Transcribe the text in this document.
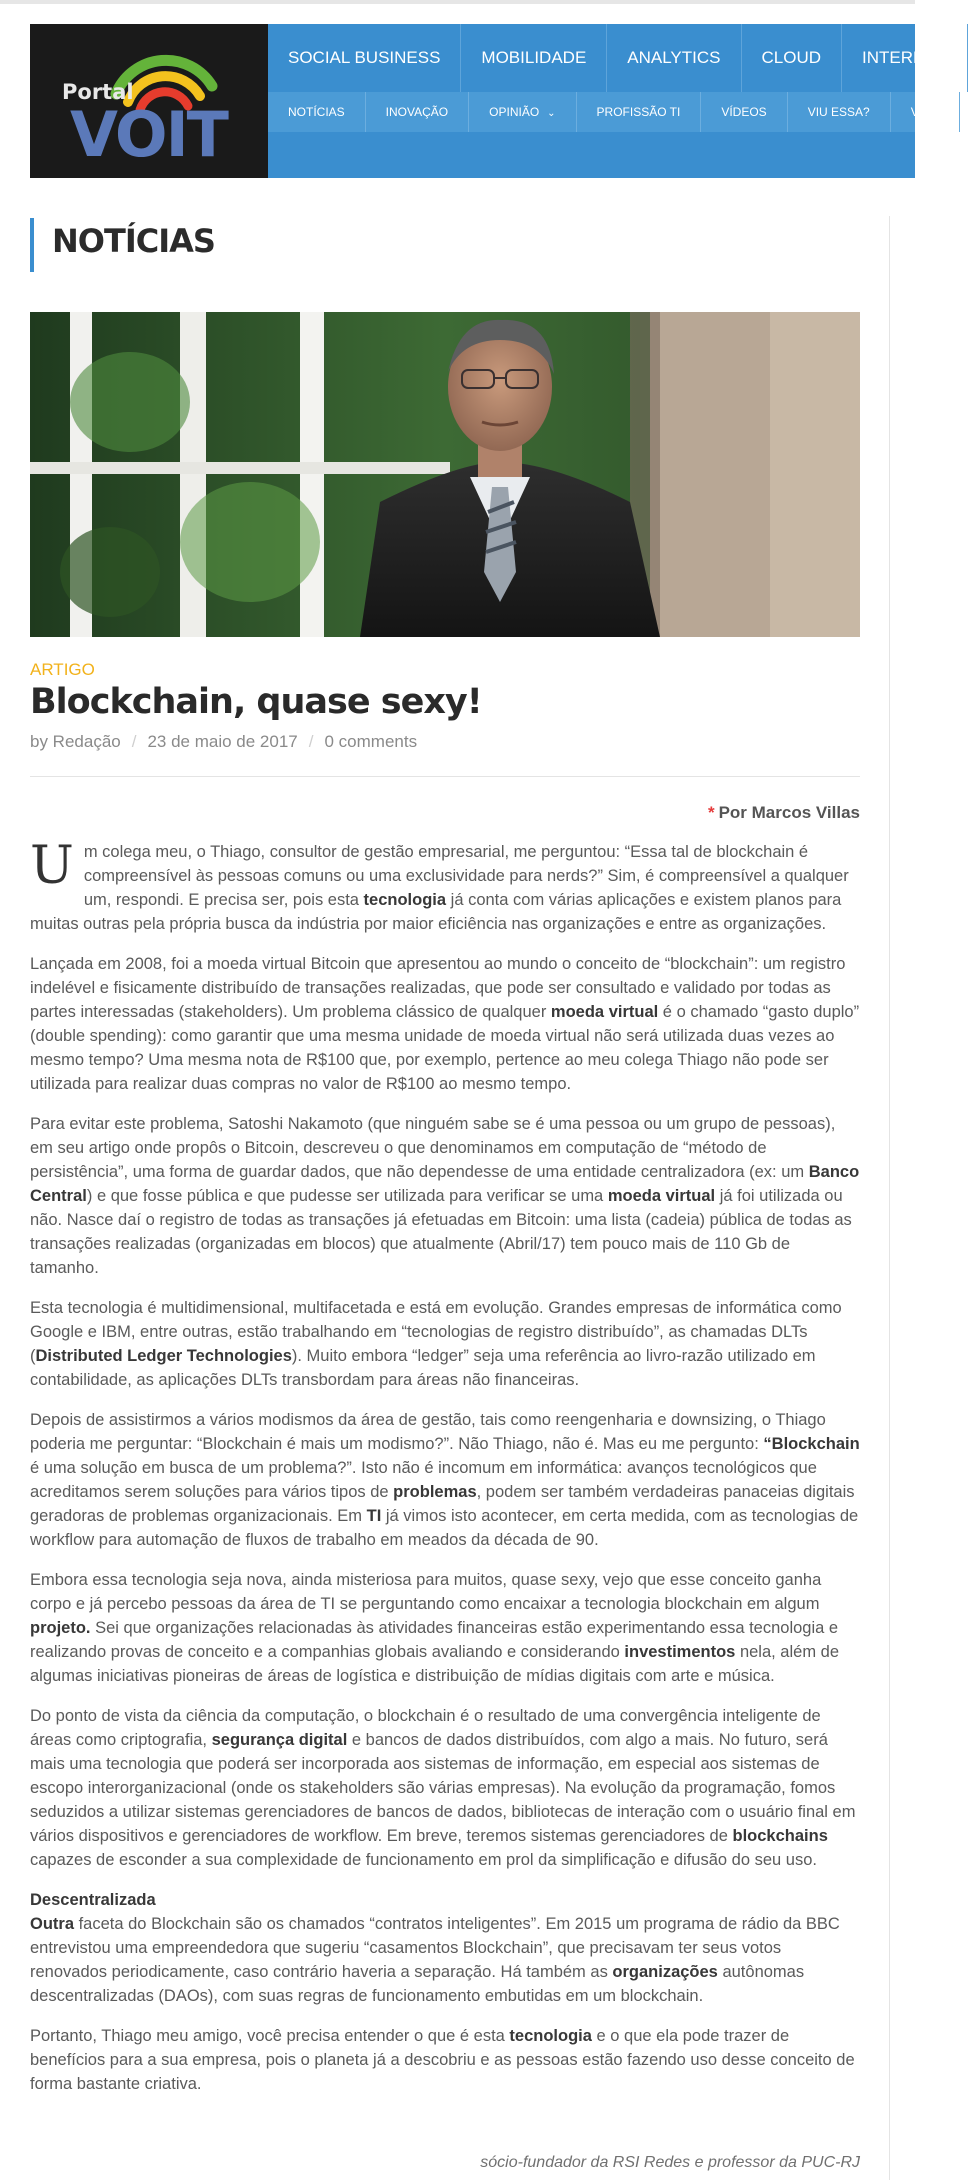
Portal
VOIT
SOCIAL BUSINESS	MOBILIDADE	ANALYTICS	CLOUD	INTERNET
NOTÍCIAS	INOVAÇÃO	OPINIÃO ⌄	PROFISSÃO TI	VÍDEOS	VIU ESSA?	VOIT
NOTÍCIAS
ARTIGO
Blockchain, quase sexy!
by Redação / 23 de maio de 2017 / 0 comments
* Por Marcos Villas

Um colega meu, o Thiago, consultor de gestão empresarial, me perguntou: “Essa tal de blockchain é compreensível às pessoas comuns ou uma exclusividade para nerds?” Sim, é compreensível a qualquer um, respondi. E precisa ser, pois esta tecnologia já conta com várias aplicações e existem planos para muitas outras pela própria busca da indústria por maior eficiência nas organizações e entre as organizações.

Lançada em 2008, foi a moeda virtual Bitcoin que apresentou ao mundo o conceito de “blockchain”: um registro indelével e fisicamente distribuído de transações realizadas, que pode ser consultado e validado por todas as partes interessadas (stakeholders). Um problema clássico de qualquer moeda virtual é o chamado “gasto duplo” (double spending): como garantir que uma mesma unidade de moeda virtual não será utilizada duas vezes ao mesmo tempo? Uma mesma nota de R$100 que, por exemplo, pertence ao meu colega Thiago não pode ser utilizada para realizar duas compras no valor de R$100 ao mesmo tempo.

Para evitar este problema, Satoshi Nakamoto (que ninguém sabe se é uma pessoa ou um grupo de pessoas), em seu artigo onde propôs o Bitcoin, descreveu o que denominamos em computação de “método de persistência”, uma forma de guardar dados, que não dependesse de uma entidade centralizadora (ex: um Banco Central) e que fosse pública e que pudesse ser utilizada para verificar se uma moeda virtual já foi utilizada ou não. Nasce daí o registro de todas as transações já efetuadas em Bitcoin: uma lista (cadeia) pública de todas as transações realizadas (organizadas em blocos) que atualmente (Abril/17) tem pouco mais de 110 Gb de tamanho.

Esta tecnologia é multidimensional, multifacetada e está em evolução. Grandes empresas de informática como Google e IBM, entre outras, estão trabalhando em “tecnologias de registro distribuído”, as chamadas DLTs (Distributed Ledger Technologies). Muito embora “ledger” seja uma referência ao livro-razão utilizado em contabilidade, as aplicações DLTs transbordam para áreas não financeiras.

Depois de assistirmos a vários modismos da área de gestão, tais como reengenharia e downsizing, o Thiago poderia me perguntar: “Blockchain é mais um modismo?”. Não Thiago, não é. Mas eu me pergunto: “Blockchain é uma solução em busca de um problema?”. Isto não é incomum em informática: avanços tecnológicos que acreditamos serem soluções para vários tipos de problemas, podem ser também verdadeiras panaceias digitais geradoras de problemas organizacionais. Em TI já vimos isto acontecer, em certa medida, com as tecnologias de workflow para automação de fluxos de trabalho em meados da década de 90.

Embora essa tecnologia seja nova, ainda misteriosa para muitos, quase sexy, vejo que esse conceito ganha corpo e já percebo pessoas da área de TI se perguntando como encaixar a tecnologia blockchain em algum projeto. Sei que organizações relacionadas às atividades financeiras estão experimentando essa tecnologia e realizando provas de conceito e a companhias globais avaliando e considerando investimentos nela, além de algumas iniciativas pioneiras de áreas de logística e distribuição de mídias digitais com arte e música.

Do ponto de vista da ciência da computação, o blockchain é o resultado de uma convergência inteligente de áreas como criptografia, segurança digital e bancos de dados distribuídos, com algo a mais. No futuro, será mais uma tecnologia que poderá ser incorporada aos sistemas de informação, em especial aos sistemas de escopo interorganizacional (onde os stakeholders são várias empresas). Na evolução da programação, fomos seduzidos a utilizar sistemas gerenciadores de bancos de dados, bibliotecas de interação com o usuário final em vários dispositivos e gerenciadores de workflow. Em breve, teremos sistemas gerenciadores de blockchains capazes de esconder a sua complexidade de funcionamento em prol da simplificação e difusão do seu uso.

Descentralizada
Outra faceta do Blockchain são os chamados “contratos inteligentes”. Em 2015 um programa de rádio da BBC entrevistou uma empreendedora que sugeriu “casamentos Blockchain”, que precisavam ter seus votos renovados periodicamente, caso contrário haveria a separação. Há também as organizações autônomas descentralizadas (DAOs), com suas regras de funcionamento embutidas em um blockchain.

Portanto, Thiago meu amigo, você precisa entender o que é esta tecnologia e o que ela pode trazer de benefícios para a sua empresa, pois o planeta já a descobriu e as pessoas estão fazendo uso desse conceito de forma bastante criativa.

sócio-fundador da RSI Redes e professor da PUC-RJ
